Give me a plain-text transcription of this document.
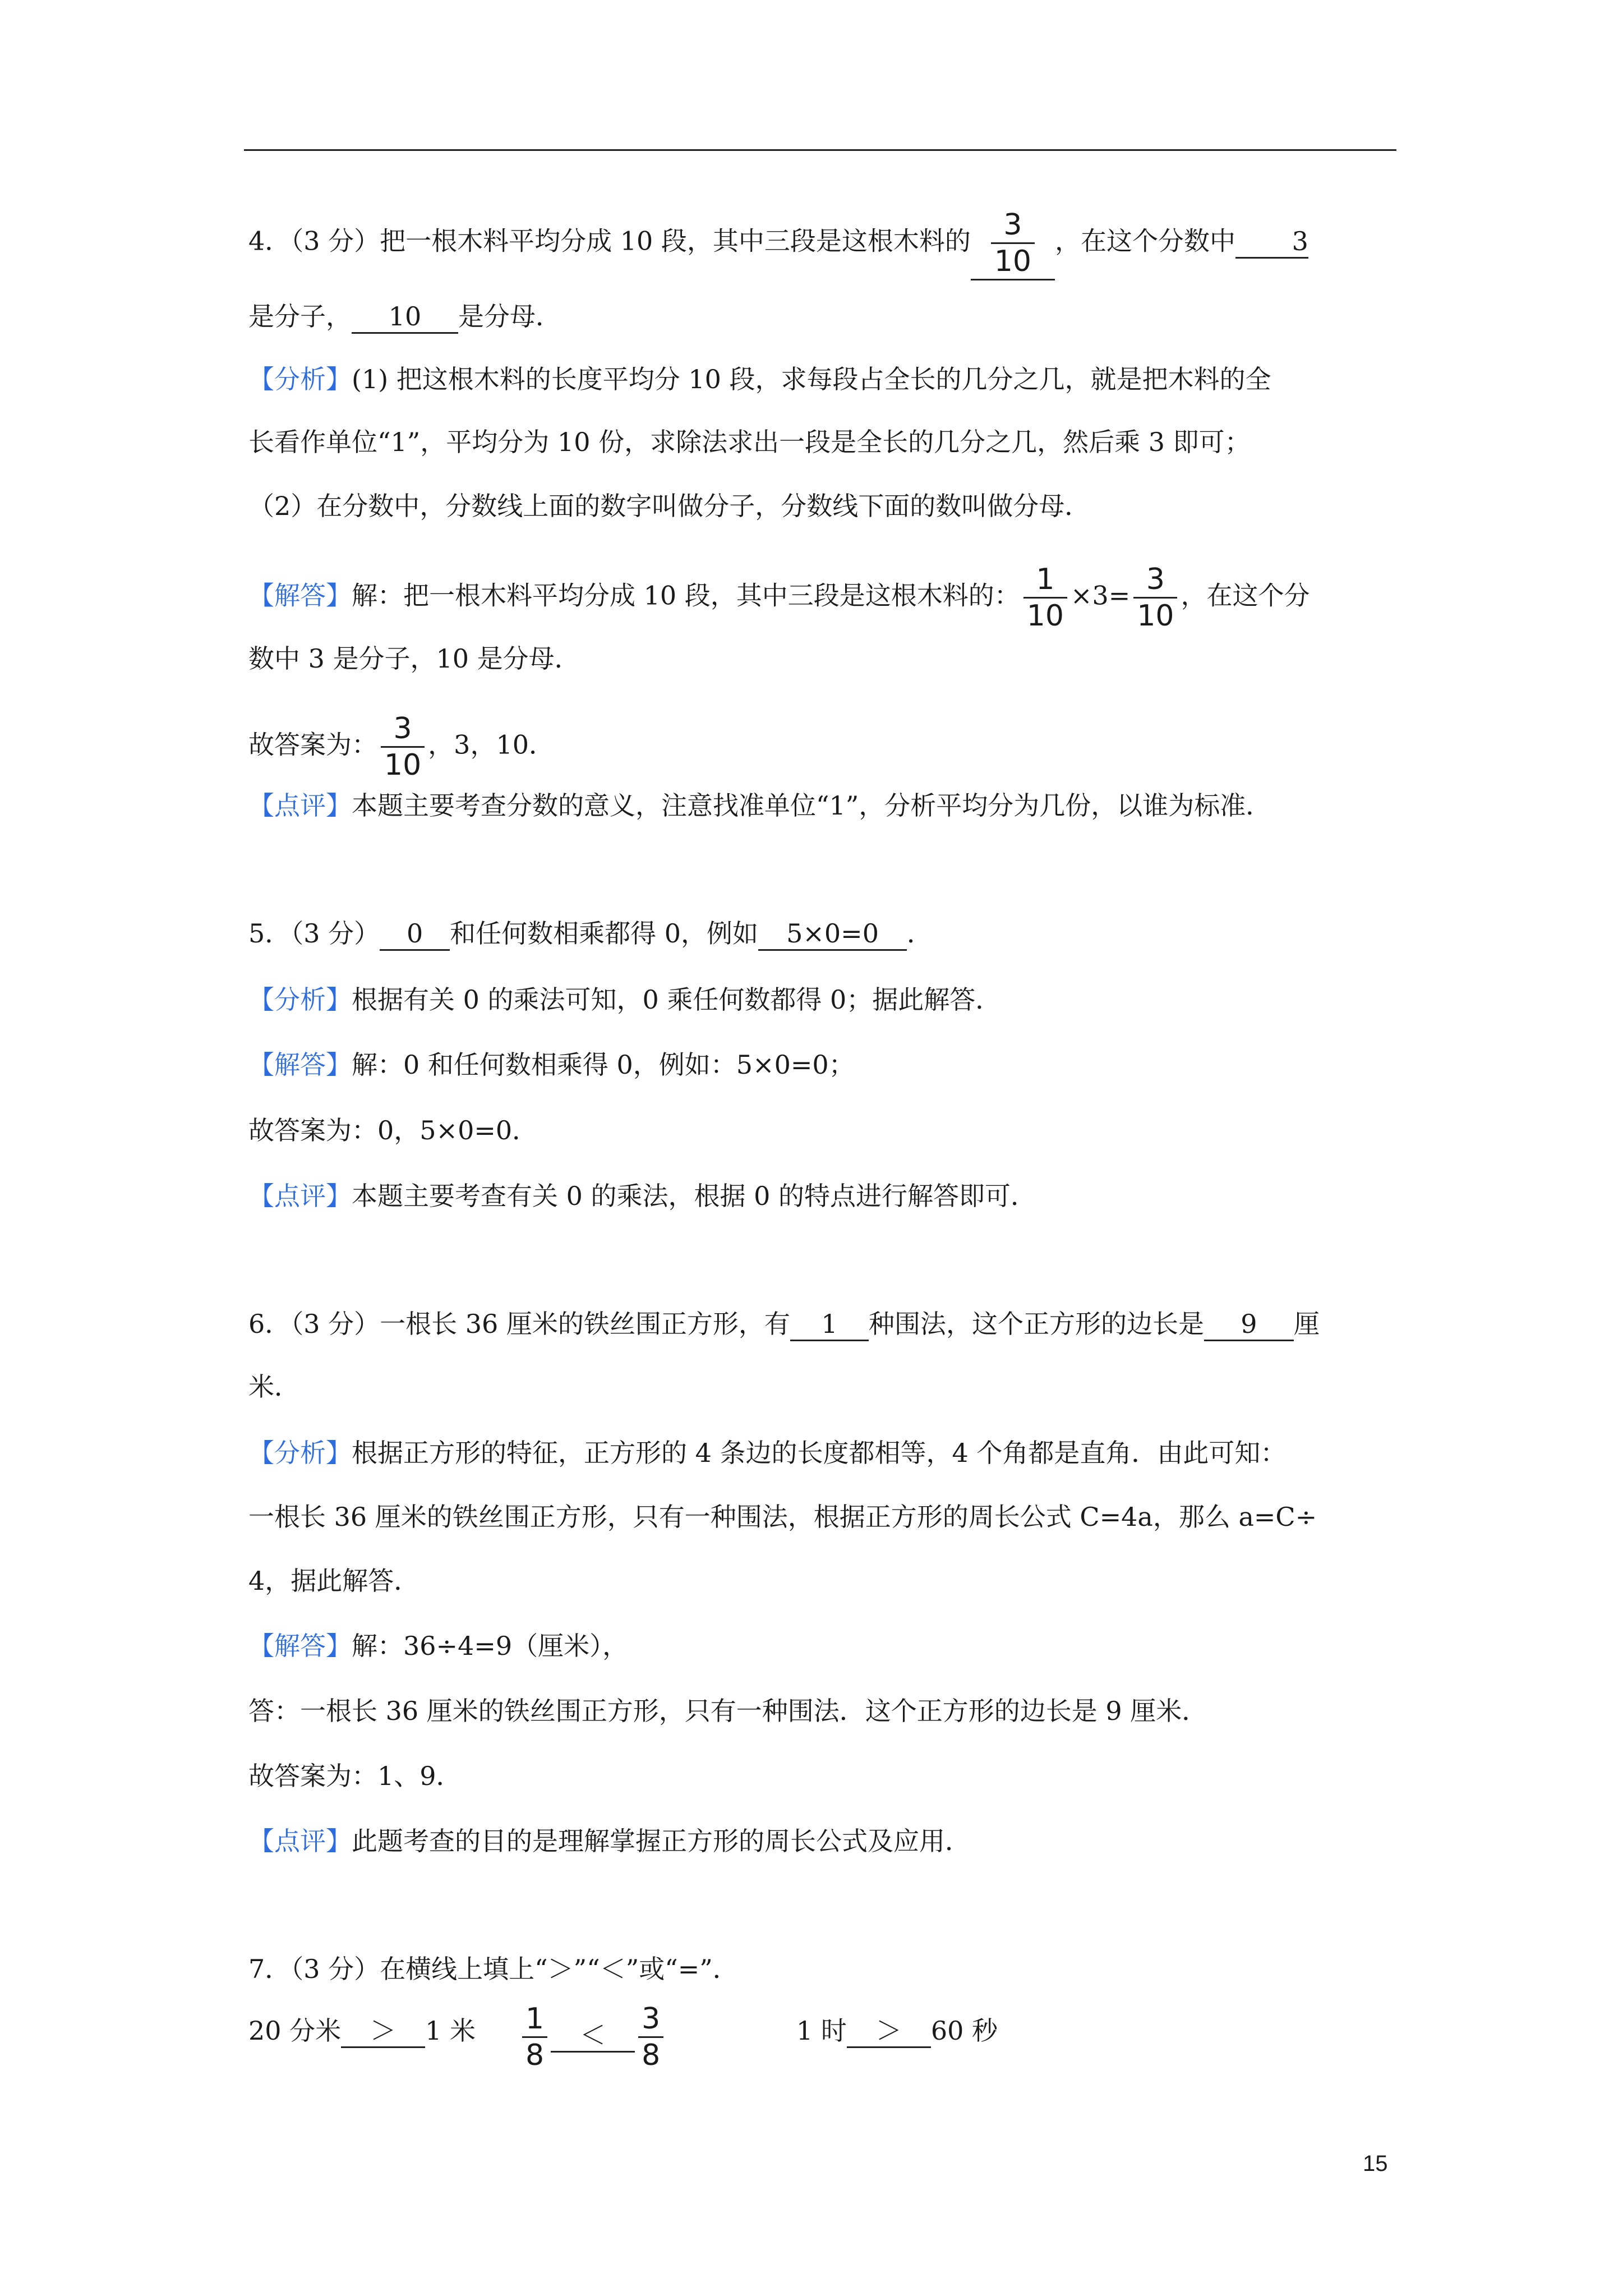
4．（3 分）把一根木料平均分成 10 段，其中三段是这根木料的 $\frac{3}{10}$ ，在这个分数中 3
是分子， 10 是分母．
【分析】(1) 把这根木料的长度平均分 10 段，求每段占全长的几分之几，就是把木料的全
长看作单位“1”，平均分为 10 份，求除法求出一段是全长的几分之几，然后乘 3 即可；
（2）在分数中，分数线上面的数字叫做分子，分数线下面的数叫做分母．
【解答】解：把一根木料平均分成 10 段，其中三段是这根木料的： $\frac{1}{10} \times 3= \frac{3}{10}$ ，在这个分
数中 3 是分子，10 是分母．
故答案为： $\frac{3}{10}$ ，3，10．
【点评】本题主要考查分数的意义，注意找准单位“1”，分析平均分为几份，以谁为标准．
5．（3 分） 0 和任何数相乘都得 0，例如 5×0=0 ．
【分析】根据有关 0 的乘法可知，0 乘任何数都得 0；据此解答．
【解答】解：0 和任何数相乘得 0，例如：5×0=0；
故答案为：0，5×0=0．
【点评】本题主要考查有关 0 的乘法，根据 0 的特点进行解答即可．
6．（3 分）一根长 36 厘米的铁丝围正方形，有 1 种围法，这个正方形的边长是 9 厘
米．
【分析】根据正方形的特征，正方形的 4 条边的长度都相等，4 个角都是直角．由此可知：
一根长 36 厘米的铁丝围正方形，只有一种围法，根据正方形的周长公式 C=4a，那么 a=C÷
4，据此解答．
【解答】解：36÷4=9（厘米），
答：一根长 36 厘米的铁丝围正方形，只有一种围法．这个正方形的边长是 9 厘米．
故答案为：1、9．
【点评】此题考查的目的是理解掌握正方形的周长公式及应用．
7．（3 分）在横线上填上“＞”“＜”或“=”．
20 分米 ＞ 1 米 $\frac{1}{8} < \frac{3}{8}$	1 时 ＞ 60 秒
15
